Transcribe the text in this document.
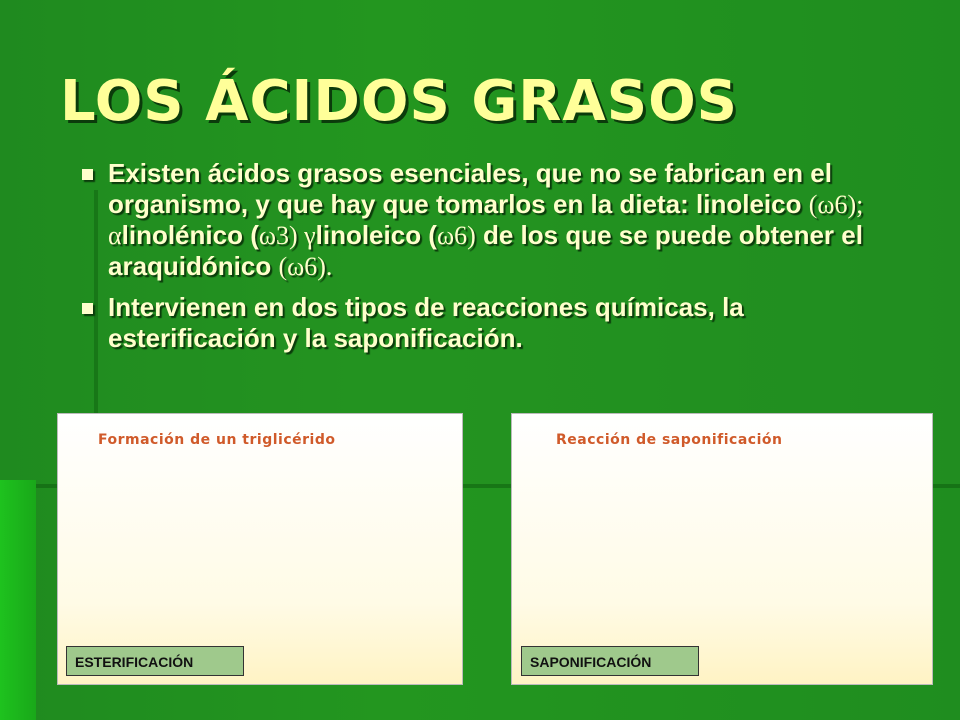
LOS ÁCIDOS GRASOS
Existen ácidos grasos esenciales, que no se fabrican en el organismo, y que hay que tomarlos en la dieta: linoleico (ω6); αlinolénico (ω3) γlinoleico (ω6) de los que se puede obtener el araquidónico (ω6).
Intervienen en dos tipos de reacciones químicas, la esterificación y la saponificación.
Formación de un triglicérido	Reacción de saponificación
ESTERIFICACIÓN	SAPONIFICACIÓN
